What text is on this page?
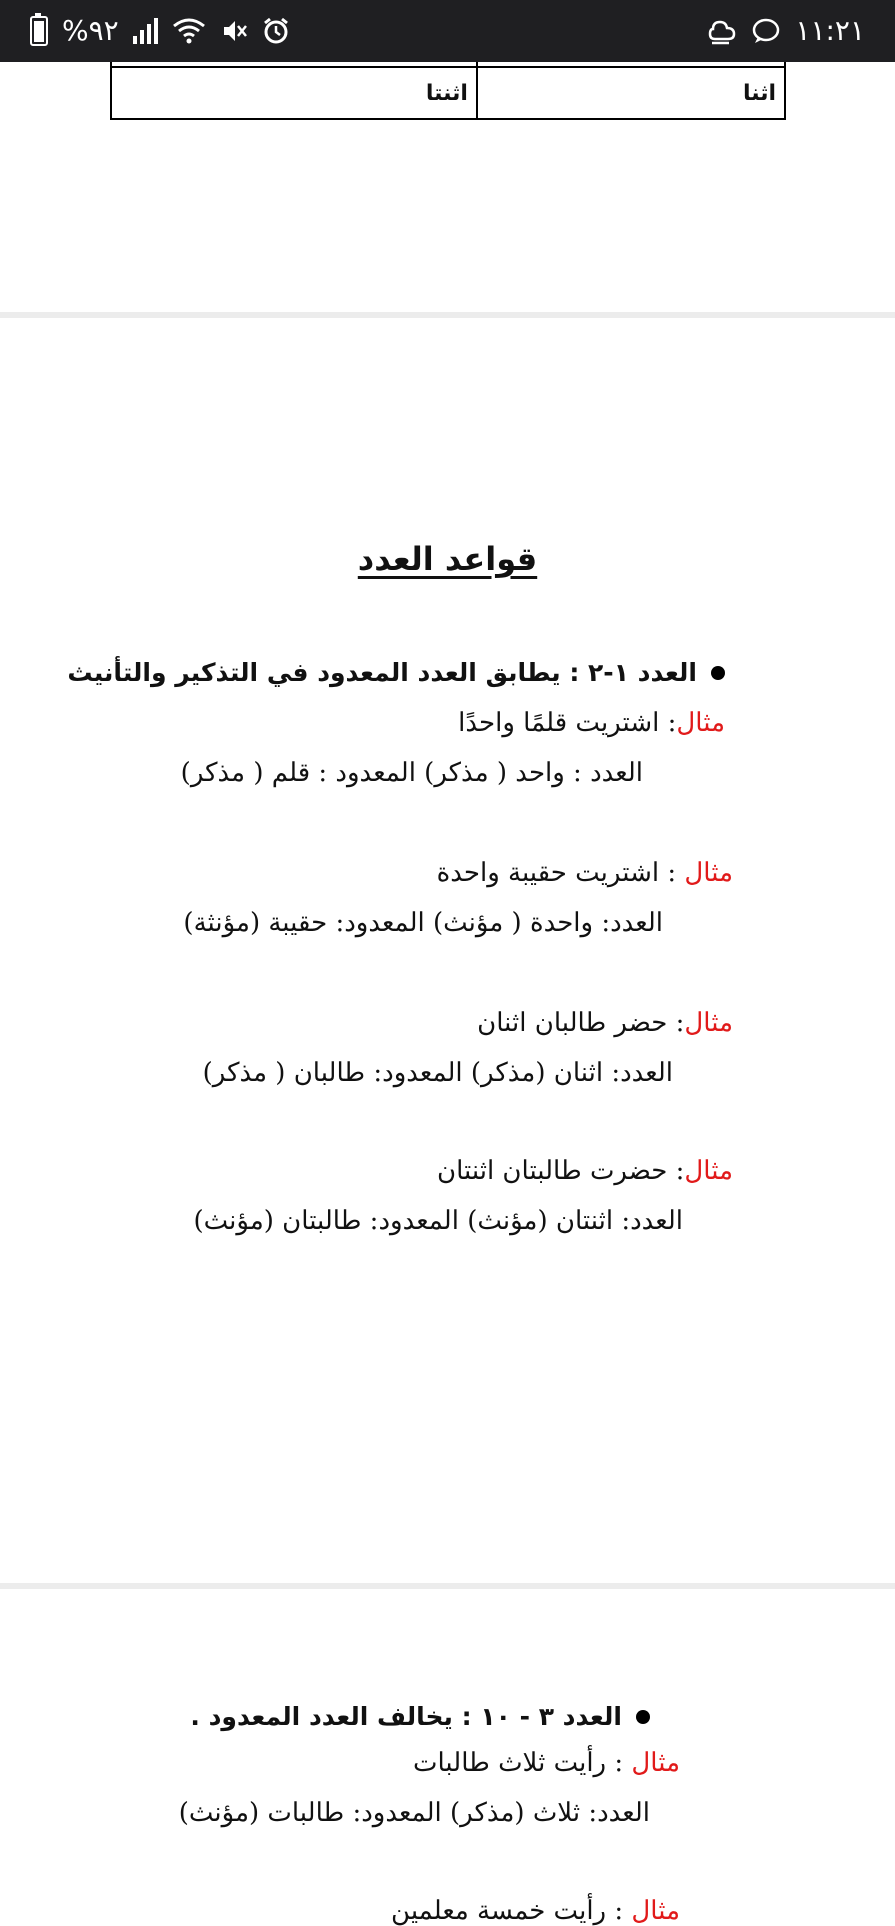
%٩٢	١١:٢١

اثنا	اثنتا
قواعد العدد
العدد ١-٢ : يطابق العدد المعدود في التذكير والتأنيث
مثال: اشتريت قلمًا واحدًا
العدد : واحد ( مذكر) المعدود : قلم ( مذكر)
مثال : اشتريت حقيبة واحدة
العدد: واحدة ( مؤنث) المعدود: حقيبة (مؤنثة)
مثال: حضر طالبان اثنان
العدد: اثنان (مذكر) المعدود: طالبان ( مذكر)
مثال: حضرت طالبتان اثنتان
العدد: اثنتان (مؤنث) المعدود: طالبتان (مؤنث)
العدد ٣ - ١٠ : يخالف العدد المعدود .
مثال : رأيت ثلاث طالبات
العدد: ثلاث (مذكر) المعدود: طالبات (مؤنث)
مثال : رأيت خمسة معلمين
